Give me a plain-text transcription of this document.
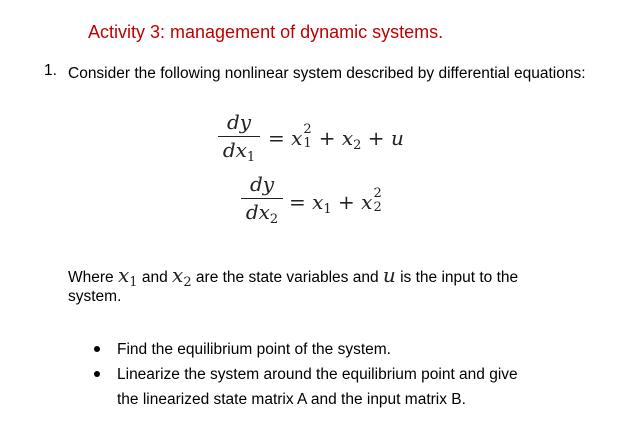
Activity 3: management of dynamic systems.
1. Consider the following nonlinear system described by differential equations:
dy
$dx_1$
= x 2
$1 + x_2 + u$
dy
$dx_2$
= $x_1 + x$ 2
2
Where $x_1$ and $x_2$ are the state variables and u is the input to the
system.
Find the equilibrium point of the system.
Linearize the system around the equilibrium point and give
the linearized state matrix A and the input matrix B.
